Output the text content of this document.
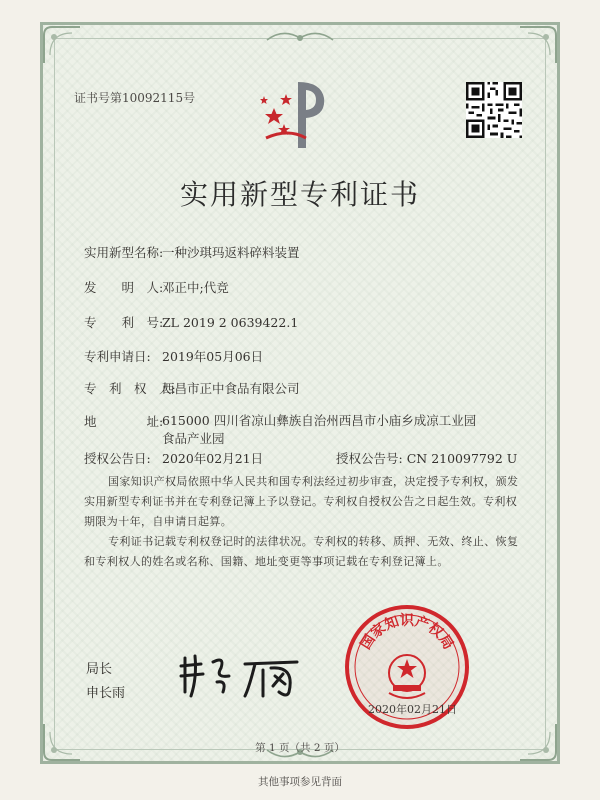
证书号第10092115号
实用新型专利证书
实用新型名称:一种沙琪玛返料碎料装置
发　　明　人:邓正中;代竞
专　　利　号:ZL 2019 2 0639422.1
专利申请日: 2019年05月06日
专　利　权　人:西昌市正中食品有限公司
地　　　　址:615000 四川省凉山彝族自治州西昌市小庙乡成凉工业园
食品产业园
授权公告日: 2020年02月21日	授权公告号: CN 210097792 U
国家知识产权局依照中华人民共和国专利法经过初步审查，决定授予专利权，颁发实用新型专利证书并在专利登记簿上予以登记。专利权自授权公告之日起生效。专利权期限为十年，自申请日起算。
专利证书记载专利权登记时的法律状况。专利权的转移、质押、无效、终止、恢复和专利权人的姓名或名称、国籍、地址变更等事项记载在专利登记簿上。
局长
申长雨
国家知识产权局
2020年02月21日
第 1 页（共 2 页）
其他事项参见背面
